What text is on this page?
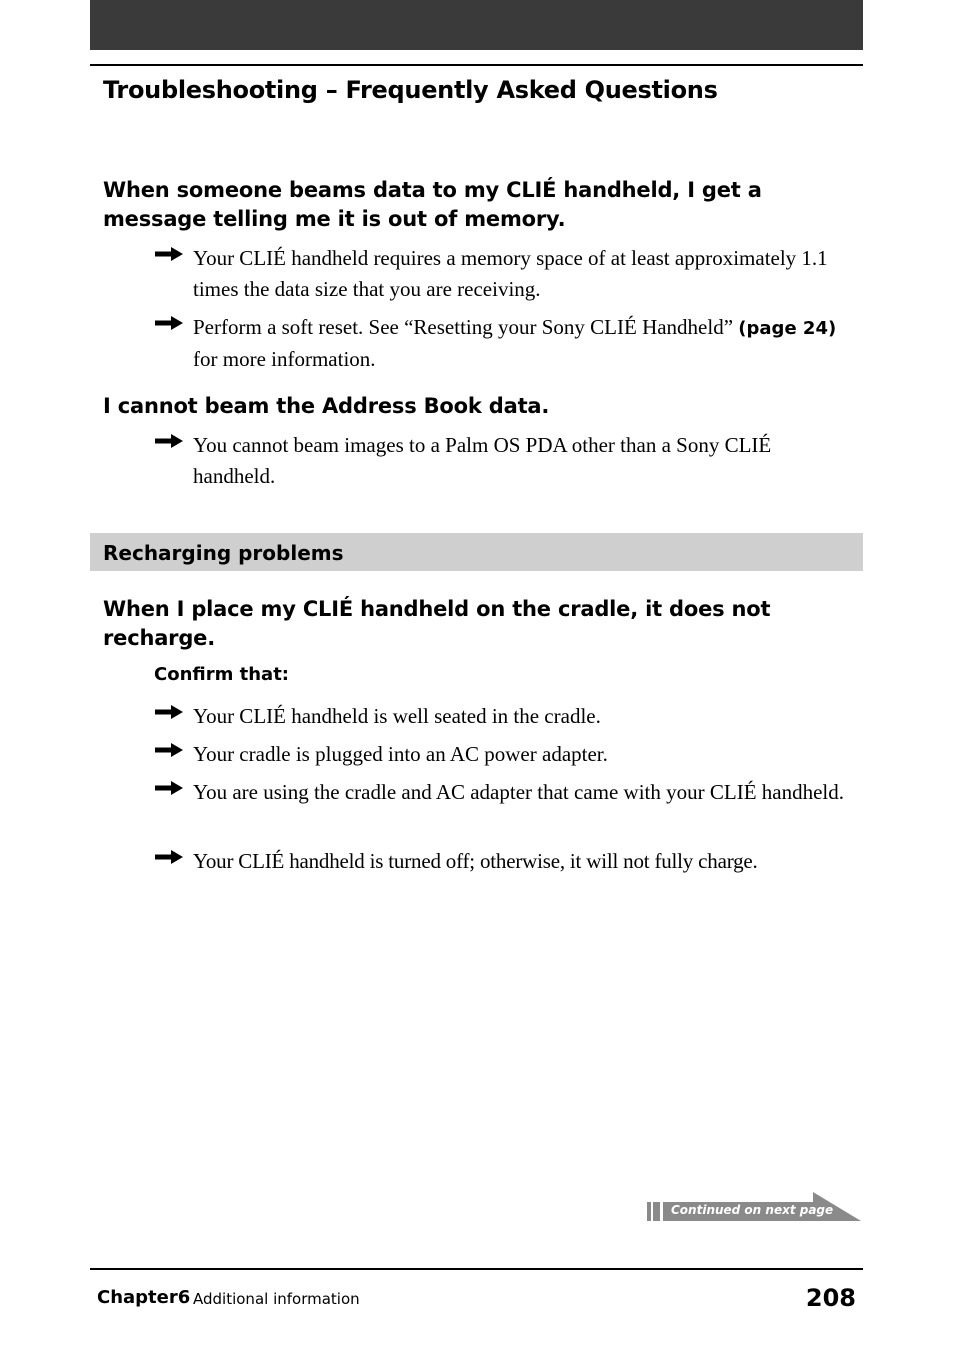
Troubleshooting – Frequently Asked Questions
When someone beams data to my CLIÉ handheld, I get a
message telling me it is out of memory.
Your CLIÉ handheld requires a memory space of at least approximately 1.1 times the data size that you are receiving.
Perform a soft reset. See “Resetting your Sony CLIÉ Handheld” (page 24) for more information.
I cannot beam the Address Book data.
You cannot beam images to a Palm OS PDA other than a Sony CLIÉ handheld.
Recharging problems
When I place my CLIÉ handheld on the cradle, it does not
recharge.
Confirm that:
Your CLIÉ handheld is well seated in the cradle.
Your cradle is plugged into an AC power adapter.
You are using the cradle and AC adapter that came with your CLIÉ handheld.
Your CLIÉ handheld is turned off; otherwise, it will not fully charge.
Continued on next page
Chapter6 Additional information	208
